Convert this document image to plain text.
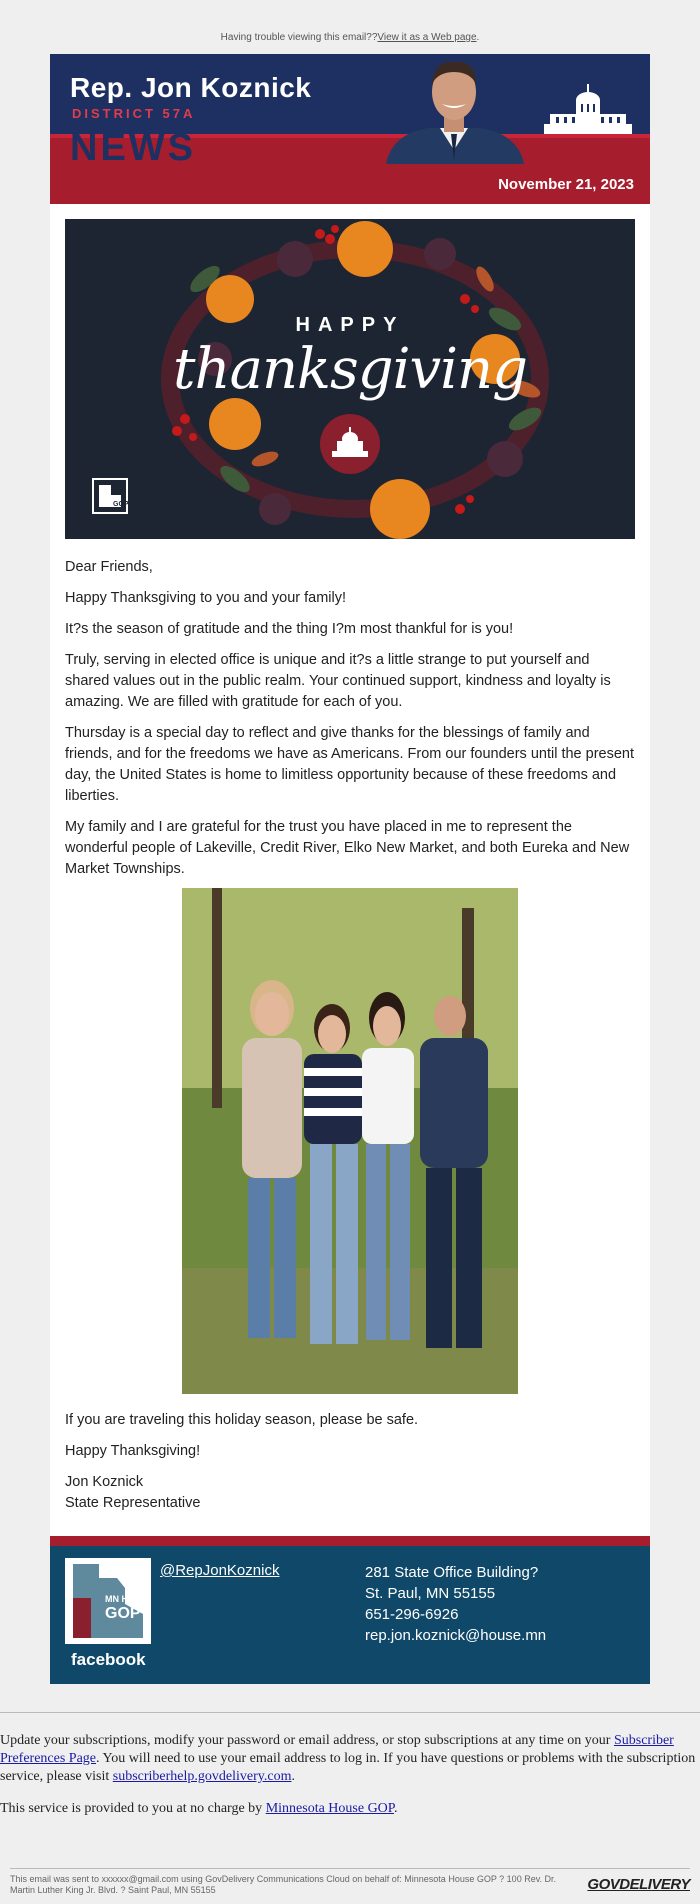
Having trouble viewing this email??View it as a Web page.
Rep. Jon Koznick
DISTRICT 57A
NEWS
November 21, 2023
GOP
HAPPY
thanksgiving

Dear Friends,

Happy Thanksgiving to you and your family!

It?s the season of gratitude and the thing I?m most thankful for is you!

Truly, serving in elected office is unique and it?s a little strange to put yourself and shared values out in the public realm. Your continued support, kindness and loyalty is amazing. We are filled with gratitude for each of you.

Thursday is a special day to reflect and give thanks for the blessings of family and friends, and for the freedoms we have as Americans. From our founders until the present day, the United States is home to limitless opportunity because of these freedoms and liberties.

My family and I are grateful for the trust you have placed in me to represent the wonderful people of Lakeville, Credit River, Elko New Market, and both Eureka and New Market Townships.

If you are traveling this holiday season, please be safe.

Happy Thanksgiving!

Jon Koznick

State Representative

MN HOUSE
GOP
facebook
@RepJonKoznick	281 State Office Building?
St. Paul, MN 55155
651-296-6926
rep.jon.koznick@house.mn

Update your subscriptions, modify your password or email address, or stop subscriptions at any time on your Subscriber Preferences Page. You will need to use your email address to log in. If you have questions or problems with the subscription service, please visit subscriberhelp.govdelivery.com.

This service is provided to you at no charge by Minnesota House GOP.

This email was sent to xxxxxx@gmail.com using GovDelivery Communications Cloud on behalf of: Minnesota House GOP ? 100 Rev. Dr. Martin Luther King Jr. Blvd. ? Saint Paul, MN 55155	GOVDELIVERY
